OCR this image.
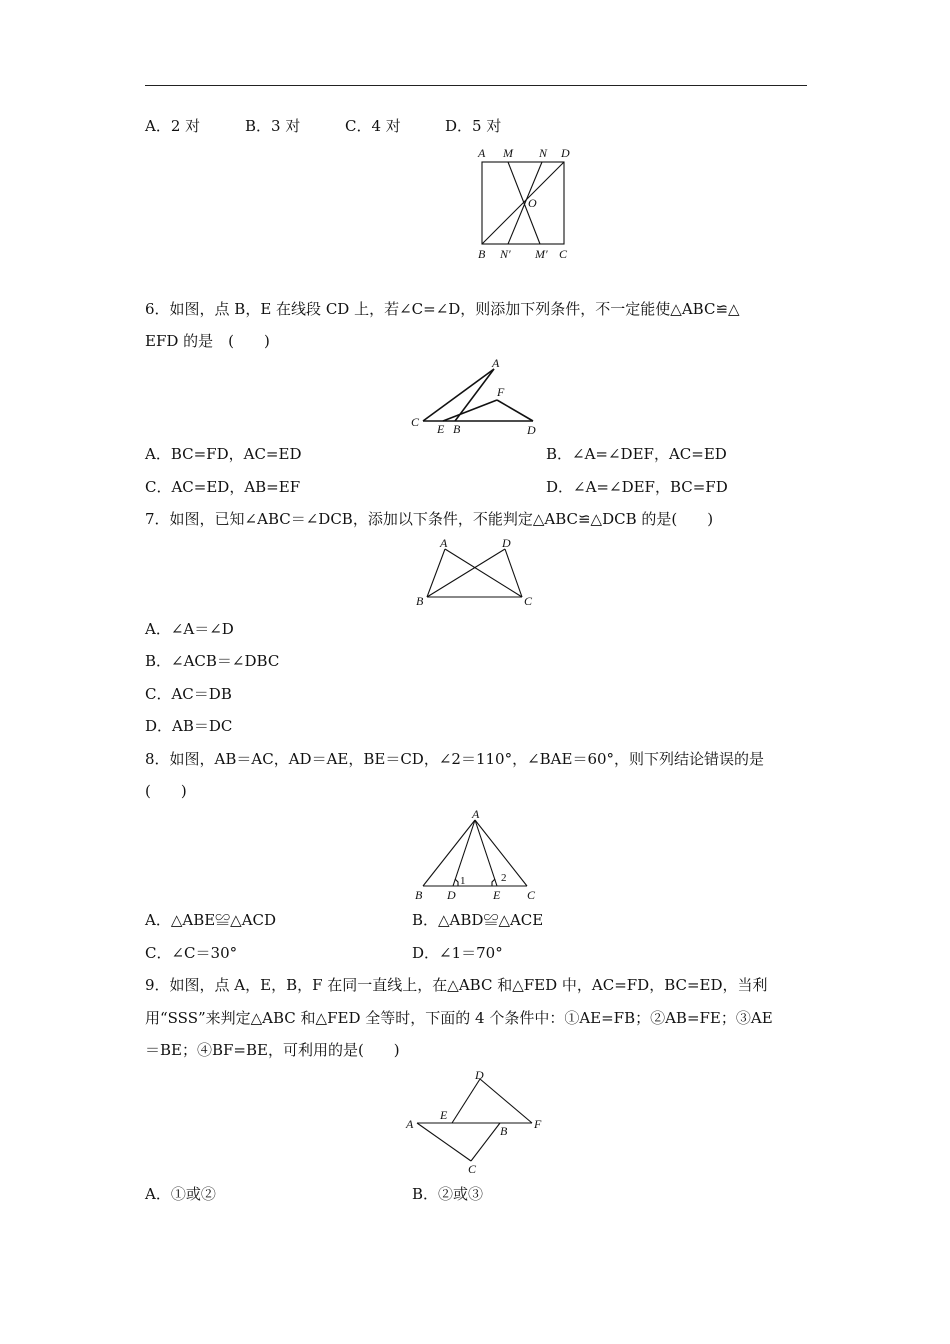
A．2 对	B．3 对	C．4 对	D．5 对
A M N D
O
B N′ M′ C
6．如图，点 B，E 在线段 CD 上，若∠C=∠D，则添加下列条件，不一定能使△ABC≌△
EFD 的是　(　　)
A
F
C E B	D
A．BC=FD，AC=ED	B．∠A=∠DEF，AC=ED
C．AC=ED，AB=EF	D．∠A=∠DEF，BC=FD
7．如图，已知∠ABC＝∠DCB，添加以下条件，不能判定△ABC≌△DCB 的是(　　)
A	D
B	C
A．∠A＝∠D
B．∠ACB＝∠DBC
C．AC＝DB
D．AB＝DC
8．如图，AB＝AC，AD＝AE，BE＝CD，∠2＝110°，∠BAE＝60°，则下列结论错误的是
(　　)
A
1	2
B D	E C
A．△ABE≌△ACD	B．△ABD≌△ACE
C．∠C＝30°	D．∠1＝70°
9．如图，点 A，E，B，F 在同一直线上，在△ABC 和△FED 中，AC=FD，BC=ED，当利
用“SSS”来判定△ABC 和△FED 全等时，下面的 4 个条件中：①AE=FB；②AB=FE；③AE
＝BE；④BF=BE，可利用的是(　　)
D
A
E
B F
C
A．①或②	B．②或③
